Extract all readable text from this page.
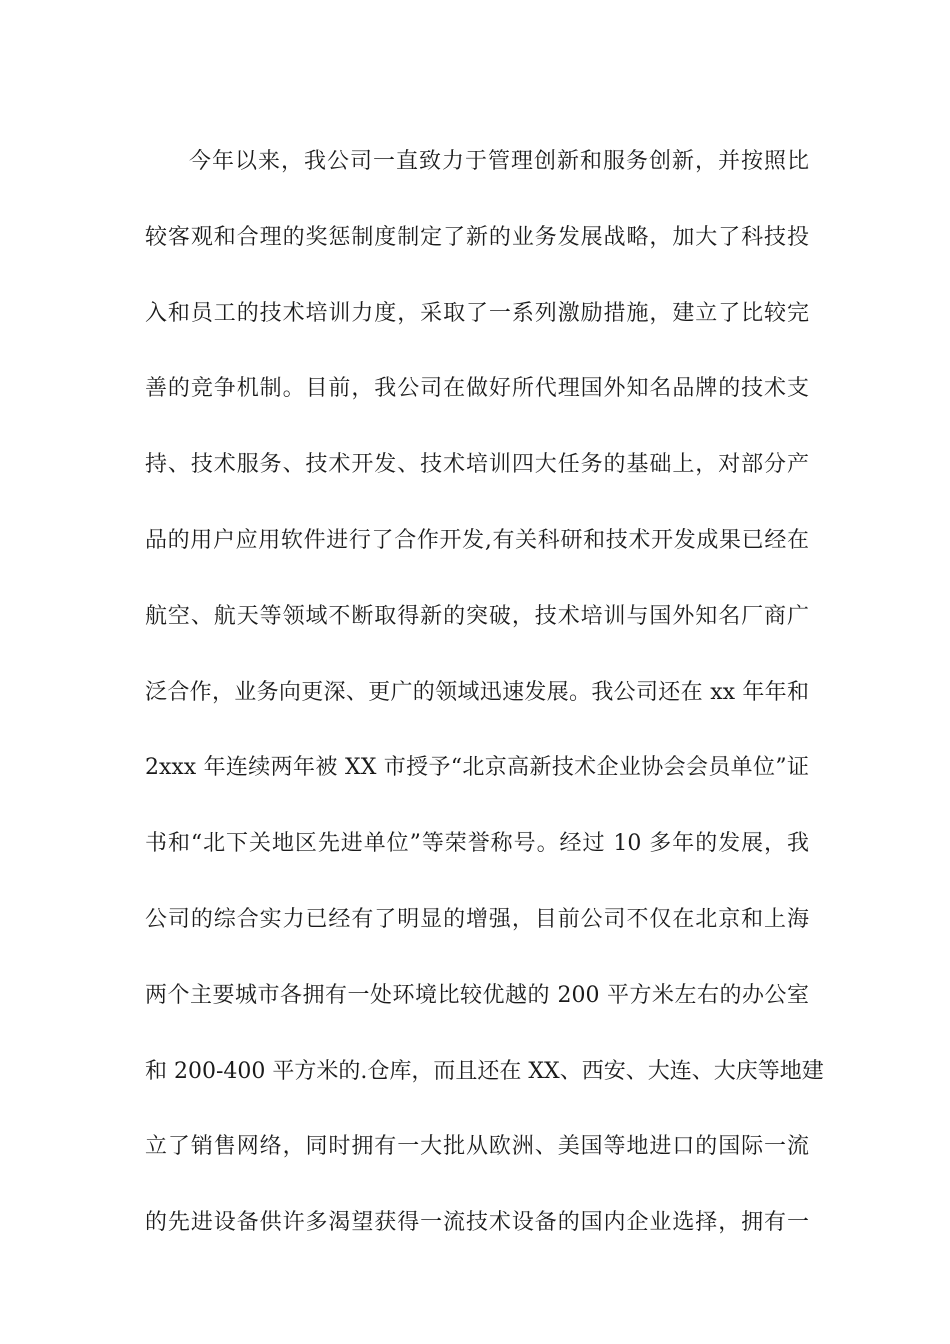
今年以来，我公司一直致力于管理创新和服务创新，并按照比
较客观和合理的奖惩制度制定了新的业务发展战略，加大了科技投
入和员工的技术培训力度，采取了一系列激励措施，建立了比较完
善的竞争机制。目前，我公司在做好所代理国外知名品牌的技术支
持、技术服务、技术开发、技术培训四大任务的基础上，对部分产
品的用户应用软件进行了合作开发,有关科研和技术开发成果已经在
航空、航天等领域不断取得新的突破，技术培训与国外知名厂商广
泛合作，业务向更深、更广的领域迅速发展。我公司还在 xx 年年和
2xxx 年连续两年被 XX 市授予“北京高新技术企业协会会员单位”证
书和“北下关地区先进单位”等荣誉称号。经过 10 多年的发展，我
公司的综合实力已经有了明显的增强，目前公司不仅在北京和上海
两个主要城市各拥有一处环境比较优越的 200 平方米左右的办公室
和 200-400 平方米的.仓库，而且还在 XX、西安、大连、大庆等地建
立了销售网络，同时拥有一大批从欧洲、美国等地进口的国际一流
的先进设备供许多渴望获得一流技术设备的国内企业选择，拥有一
